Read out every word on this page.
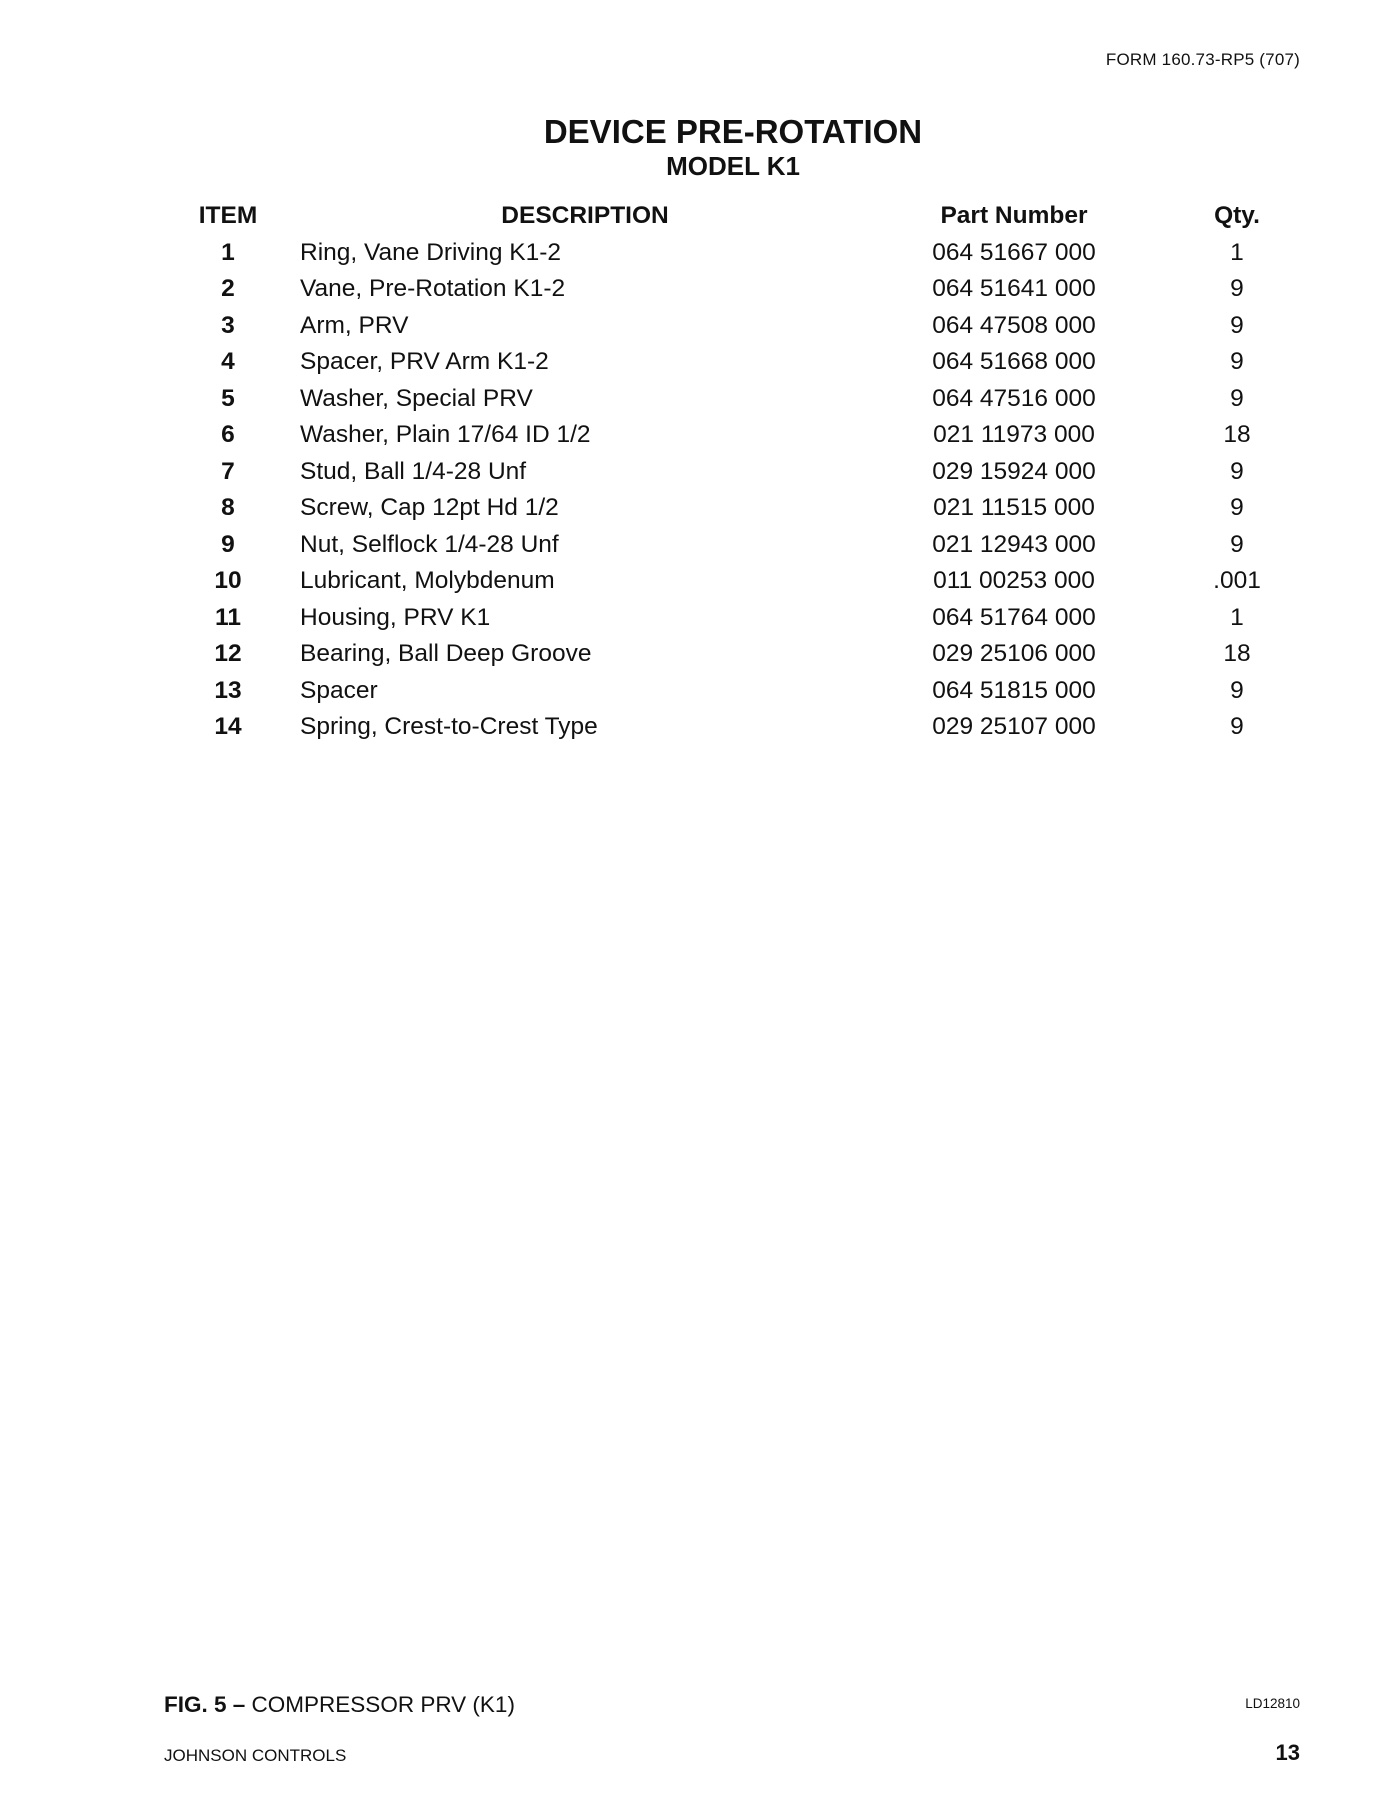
FORM 160.73-RP5 (707)
DEVICE PRE-ROTATION
MODEL K1
ITEM	DESCRIPTION	Part Number	Qty.
1	Ring, Vane Driving K1-2	064 51667 000	1
2	Vane, Pre-Rotation K1-2	064 51641 000	9
3	Arm, PRV	064 47508 000	9
4	Spacer, PRV Arm K1-2	064 51668 000	9
5	Washer, Special PRV	064 47516 000	9
6	Washer, Plain 17/64 ID 1/2	021 11973 000	18
7	Stud, Ball 1/4-28 Unf	029 15924 000	9
8	Screw, Cap 12pt Hd 1/2	021 11515 000	9
9	Nut, Selflock 1/4-28 Unf	021 12943 000	9
10	Lubricant, Molybdenum	011 00253 000	.001
11	Housing, PRV K1	064 51764 000	1
12	Bearing, Ball Deep Groove	029 25106 000	18
13	Spacer	064 51815 000	9
14	Spring, Crest-to-Crest Type	029 25107 000	9
FIG. 5 – COMPRESSOR PRV (K1)	LD12810
JOHNSON CONTROLS	13
